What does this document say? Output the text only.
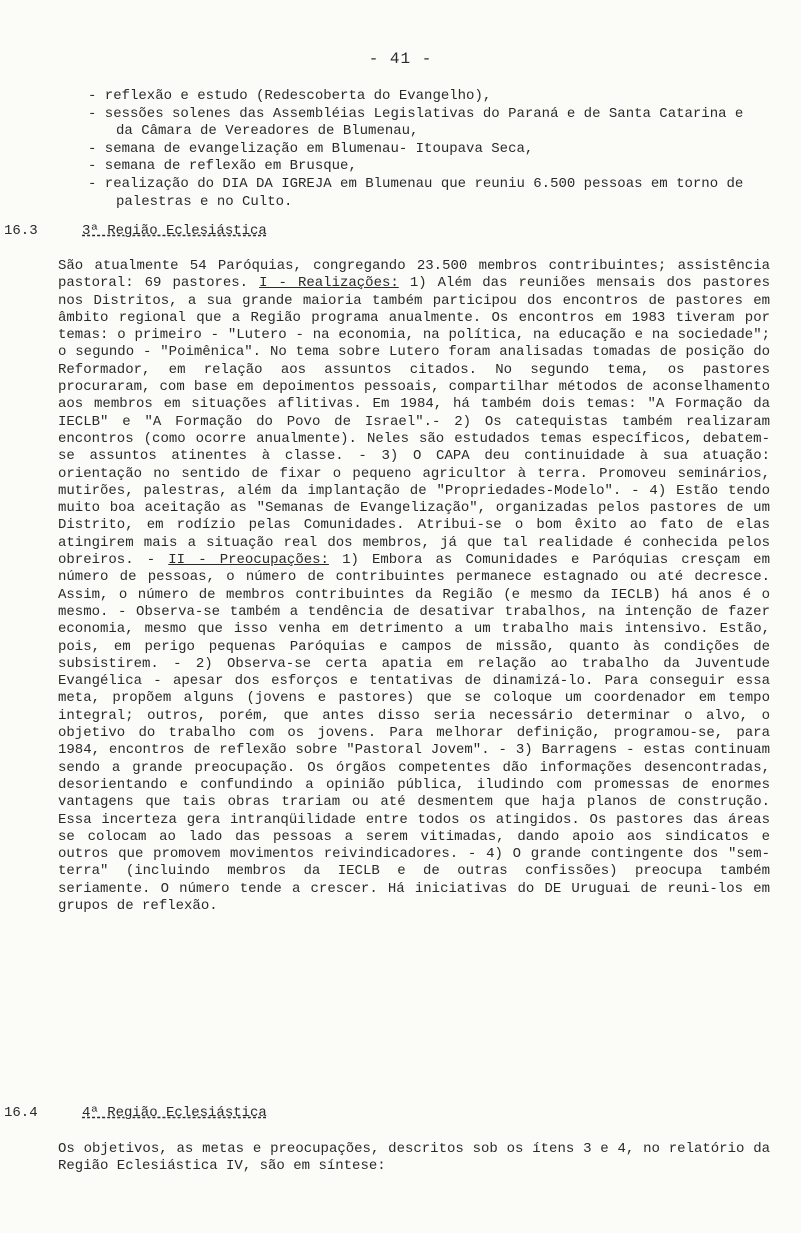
- 41 -
- reflexão e estudo (Redescoberta do Evangelho),
- sessões solenes das Assembléias Legislativas do Paraná e de Santa Catarina e da Câmara de Vereadores de Blumenau,
- semana de evangelização em Blumenau- Itoupava Seca,
- semana de reflexão em Brusque,
- realização do DIA DA IGREJA em Blumenau que reuniu 6.500 pessoas em torno de palestras e no Culto.
16.3	3ª Região Eclesiástica
São atualmente 54 Paróquias, congregando 23.500 membros contribuintes; assistência pastoral: 69 pastores. I - Realizações: 1) Além das reuniões mensais dos pastores nos Distritos, a sua grande maioria também participou dos encontros de pastores em âmbito regional que a Região programa anualmente. Os encontros em 1983 tiveram por temas: o primeiro - "Lutero - na economia, na política, na educação e na sociedade"; o segundo - "Poimênica". No tema sobre Lutero foram analisadas tomadas de posição do Reformador, em relação aos assuntos citados. No segundo tema, os pastores procuraram, com base em depoimentos pessoais, compartilhar métodos de aconselhamento aos membros em situações aflitivas. Em 1984, há também dois temas: "A Formação da IECLB" e "A Formação do Povo de Israel".- 2) Os catequistas também realizaram encontros (como ocorre anualmente). Neles são estudados temas específicos, debatem-se assuntos atinentes à classe. - 3) O CAPA deu continuidade à sua atuação: orientação no sentido de fixar o pequeno agricultor à terra. Promoveu seminários, mutirões, palestras, além da implantação de "Propriedades-Modelo". - 4) Estão tendo muito boa aceitação as "Semanas de Evangelização", organizadas pelos pastores de um Distrito, em rodízio pelas Comunidades. Atribui-se o bom êxito ao fato de elas atingirem mais a situação real dos membros, já que tal realidade é conhecida pelos obreiros. - II - Preocupações: 1) Embora as Comunidades e Paróquias cresçam em número de pessoas, o número de contribuintes permanece estagnado ou até decresce. Assim, o número de membros contribuintes da Região (e mesmo da IECLB) há anos é o mesmo. - Observa-se também a tendência de desativar trabalhos, na intenção de fazer economia, mesmo que isso venha em detrimento a um trabalho mais intensivo. Estão, pois, em perigo pequenas Paróquias e campos de missão, quanto às condições de subsistirem. - 2) Observa-se certa apatia em relação ao trabalho da Juventude Evangélica - apesar dos esforços e tentativas de dinamizá-lo. Para conseguir essa meta, propõem alguns (jovens e pastores) que se coloque um coordenador em tempo integral; outros, porém, que antes disso seria necessário determinar o alvo, o objetivo do trabalho com os jovens. Para melhorar definição, programou-se, para 1984, encontros de reflexão sobre "Pastoral Jovem". - 3) Barragens - estas continuam sendo a grande preocupação. Os órgãos competentes dão informações desencontradas, desorientando e confundindo a opinião pública, iludindo com promessas de enormes vantagens que tais obras trariam ou até desmentem que haja planos de construção. Essa incerteza gera intranqüilidade entre todos os atingidos. Os pastores das áreas se colocam ao lado das pessoas a serem vitimadas, dando apoio aos sindicatos e outros que promovem movimentos reivindicadores. - 4) O grande contingente dos "sem-terra" (incluindo membros da IECLB e de outras confissões) preocupa também seriamente. O número tende a crescer. Há iniciativas do DE Uruguai de reuni-los em grupos de reflexão.
16.4	4ª Região Eclesiástica
Os objetivos, as metas e preocupações, descritos sob os ítens 3 e 4, no relatório da Região Eclesiástica IV, são em síntese:
